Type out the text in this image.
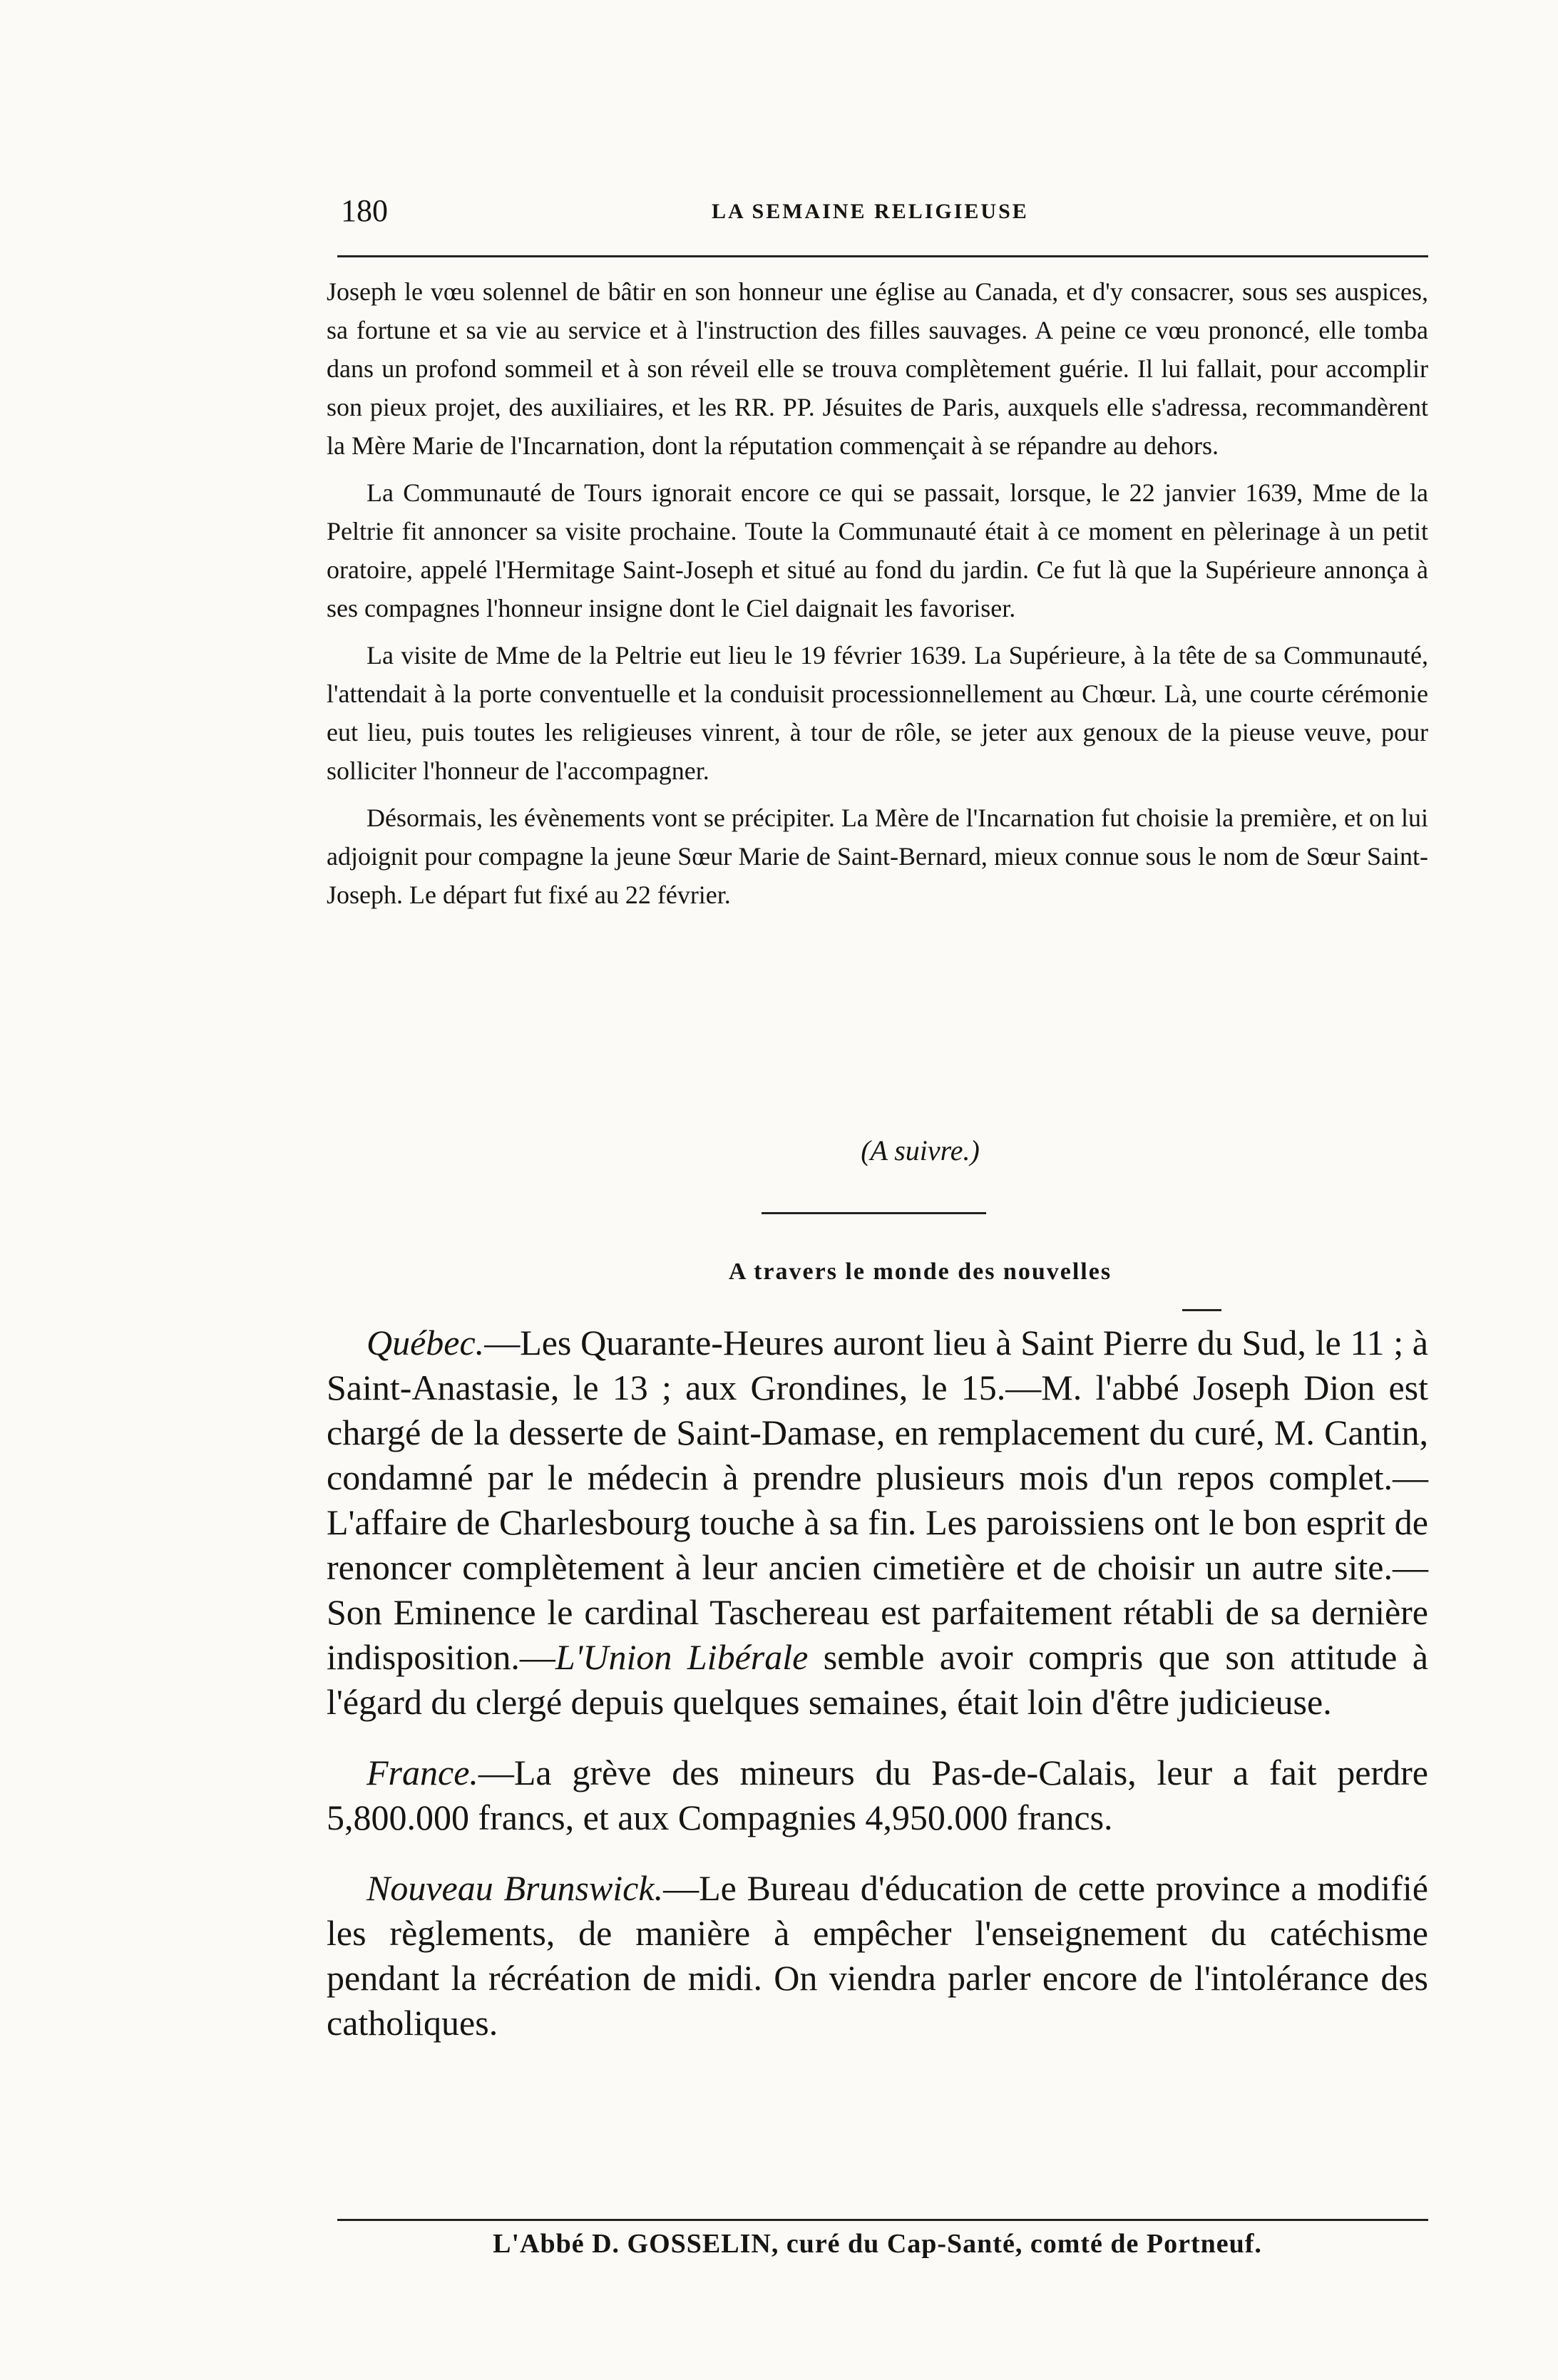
180	LA SEMAINE RELIGIEUSE

Joseph le vœu solennel de bâtir en son honneur une église au Canada, et d'y consacrer, sous ses auspices, sa fortune et sa vie au service et à l'instruction des filles sauvages. A peine ce vœu prononcé, elle tomba dans un profond sommeil et à son réveil elle se trouva complètement guérie. Il lui fallait, pour accomplir son pieux projet, des auxiliaires, et les RR. PP. Jésuites de Paris, auxquels elle s'adressa, recommandèrent la Mère Marie de l'Incarnation, dont la réputation commençait à se répandre au dehors.

La Communauté de Tours ignorait encore ce qui se passait, lorsque, le 22 janvier 1639, Mme de la Peltrie fit annoncer sa visite prochaine. Toute la Communauté était à ce moment en pèlerinage à un petit oratoire, appelé l'Hermitage Saint-Joseph et situé au fond du jardin. Ce fut là que la Supérieure annonça à ses compagnes l'honneur insigne dont le Ciel daignait les favoriser.

La visite de Mme de la Peltrie eut lieu le 19 février 1639. La Supérieure, à la tête de sa Communauté, l'attendait à la porte conventuelle et la conduisit processionnellement au Chœur. Là, une courte cérémonie eut lieu, puis toutes les religieuses vinrent, à tour de rôle, se jeter aux genoux de la pieuse veuve, pour solliciter l'honneur de l'accompagner.

Désormais, les évènements vont se précipiter. La Mère de l'Incarnation fut choisie la première, et on lui adjoignit pour compagne la jeune Sœur Marie de Saint-Bernard, mieux connue sous le nom de Sœur Saint-Joseph. Le départ fut fixé au 22 février.

(A suivre.)
A travers le monde des nouvelles

Québec.—Les Quarante-Heures auront lieu à Saint Pierre du Sud, le 11 ; à Saint-Anastasie, le 13 ; aux Grondines, le 15.—M. l'abbé Joseph Dion est chargé de la desserte de Saint-Damase, en remplacement du curé, M. Cantin, condamné par le médecin à prendre plusieurs mois d'un repos complet.—L'affaire de Charlesbourg touche à sa fin. Les paroissiens ont le bon esprit de renoncer complètement à leur ancien cimetière et de choisir un autre site.—Son Eminence le cardinal Taschereau est parfaitement rétabli de sa dernière indisposition.—L'Union Libérale semble avoir compris que son attitude à l'égard du clergé depuis quelques semaines, était loin d'être judicieuse.

France.—La grève des mineurs du Pas-de-Calais, leur a fait perdre 5,800.000 francs, et aux Compagnies 4,950.000 francs.

Nouveau Brunswick.—Le Bureau d'éducation de cette province a modifié les règlements, de manière à empêcher l'enseignement du catéchisme pendant la récréation de midi. On viendra parler encore de l'intolérance des catholiques.

L'Abbé D. GOSSELIN, curé du Cap-Santé, comté de Portneuf.
